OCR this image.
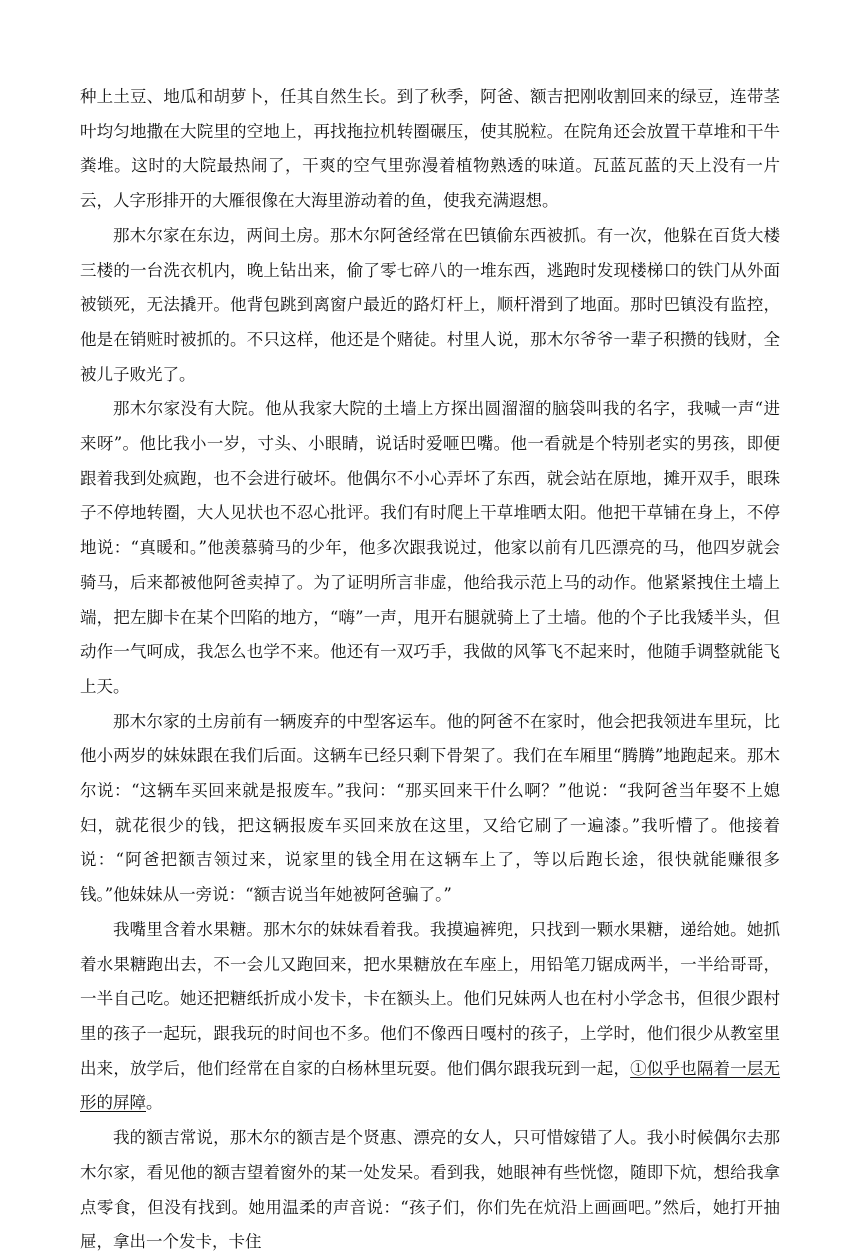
种上土豆、地瓜和胡萝卜，任其自然生长。到了秋季，阿爸、额吉把刚收割回来的绿豆，连带茎叶均匀地撒在大院里的空地上，再找拖拉机转圈碾压，使其脱粒。在院角还会放置干草堆和干牛粪堆。这时的大院最热闹了，干爽的空气里弥漫着植物熟透的味道。瓦蓝瓦蓝的天上没有一片云，人字形排开的大雁很像在大海里游动着的鱼，使我充满遐想。

那木尔家在东边，两间土房。那木尔阿爸经常在巴镇偷东西被抓。有一次，他躲在百货大楼三楼的一台洗衣机内，晚上钻出来，偷了零七碎八的一堆东西，逃跑时发现楼梯口的铁门从外面被锁死，无法撬开。他背包跳到离窗户最近的路灯杆上，顺杆滑到了地面。那时巴镇没有监控，他是在销赃时被抓的。不只这样，他还是个赌徒。村里人说，那木尔爷爷一辈子积攒的钱财，全被儿子败光了。

那木尔家没有大院。他从我家大院的土墙上方探出圆溜溜的脑袋叫我的名字，我喊一声“进来呀”。他比我小一岁，寸头、小眼睛，说话时爱咂巴嘴。他一看就是个特别老实的男孩，即便跟着我到处疯跑，也不会进行破坏。他偶尔不小心弄坏了东西，就会站在原地，摊开双手，眼珠子不停地转圈，大人见状也不忍心批评。我们有时爬上干草堆晒太阳。他把干草铺在身上，不停地说：“真暖和。”他羡慕骑马的少年，他多次跟我说过，他家以前有几匹漂亮的马，他四岁就会骑马，后来都被他阿爸卖掉了。为了证明所言非虚，他给我示范上马的动作。他紧紧拽住土墙上端，把左脚卡在某个凹陷的地方，“嗨”一声，甩开右腿就骑上了土墙。他的个子比我矮半头，但动作一气呵成，我怎么也学不来。他还有一双巧手，我做的风筝飞不起来时，他随手调整就能飞上天。

那木尔家的土房前有一辆废弃的中型客运车。他的阿爸不在家时，他会把我领进车里玩，比他小两岁的妹妹跟在我们后面。这辆车已经只剩下骨架了。我们在车厢里“腾腾”地跑起来。那木尔说：“这辆车买回来就是报废车。”我问：“那买回来干什么啊？”他说：“我阿爸当年娶不上媳妇，就花很少的钱，把这辆报废车买回来放在这里，又给它刷了一遍漆。”我听懵了。他接着说：“阿爸把额吉领过来，说家里的钱全用在这辆车上了，等以后跑长途，很快就能赚很多钱。”他妹妹从一旁说：“额吉说当年她被阿爸骗了。”

我嘴里含着水果糖。那木尔的妹妹看着我。我摸遍裤兜，只找到一颗水果糖，递给她。她抓着水果糖跑出去，不一会儿又跑回来，把水果糖放在车座上，用铅笔刀锯成两半，一半给哥哥，一半自己吃。她还把糖纸折成小发卡，卡在额头上。他们兄妹两人也在村小学念书，但很少跟村里的孩子一起玩，跟我玩的时间也不多。他们不像西日嘎村的孩子，上学时，他们很少从教室里出来，放学后，他们经常在自家的白杨林里玩耍。他们偶尔跟我玩到一起，①似乎也隔着一层无形的屏障。

我的额吉常说，那木尔的额吉是个贤惠、漂亮的女人，只可惜嫁错了人。我小时候偶尔去那木尔家，看见他的额吉望着窗外的某一处发呆。看到我，她眼神有些恍惚，随即下炕，想给我拿点零食，但没有找到。她用温柔的声音说：“孩子们，你们先在炕沿上画画吧。”然后，她打开抽屉，拿出一个发卡，卡住
